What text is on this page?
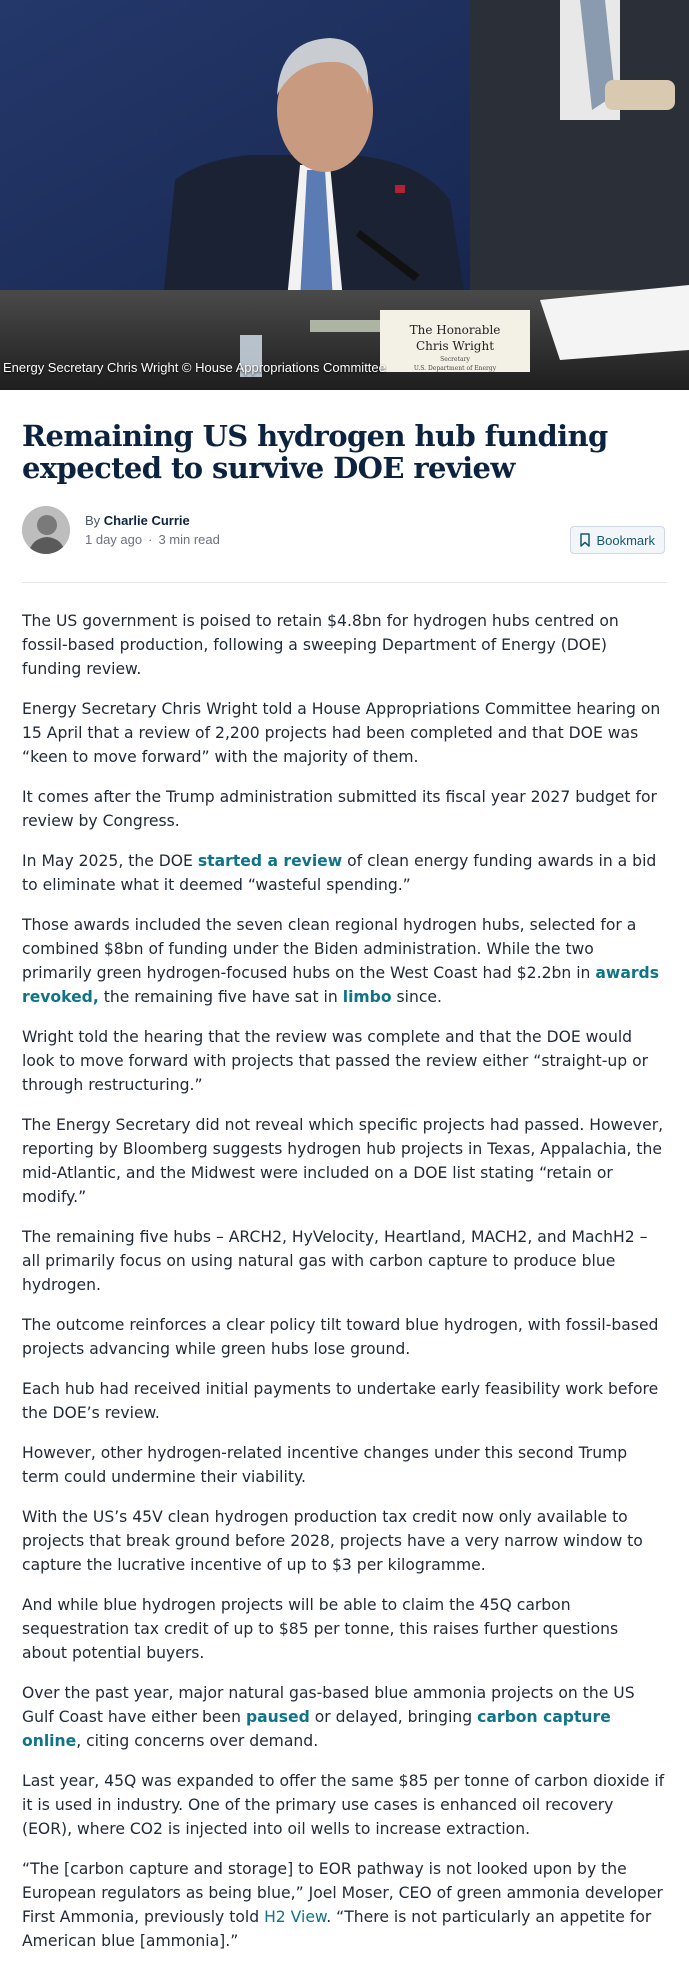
The Honorable
Chris Wright
Secretary
U.S. Department of Energy
Energy Secretary Chris Wright © House Appropriations Committee
Remaining US hydrogen hub funding expected to survive DOE review
By Charlie Currie
1 day ago · 3 min read	Bookmark

The US government is poised to retain $4.8bn for hydrogen hubs centred on fossil-based production, following a sweeping Department of Energy (DOE) funding review.

Energy Secretary Chris Wright told a House Appropriations Committee hearing on 15 April that a review of 2,200 projects had been completed and that DOE was “keen to move forward” with the majority of them.

It comes after the Trump administration submitted its fiscal year 2027 budget for review by Congress.

In May 2025, the DOE started a review of clean energy funding awards in a bid to eliminate what it deemed “wasteful spending.”

Those awards included the seven clean regional hydrogen hubs, selected for a combined $8bn of funding under the Biden administration. While the two primarily green hydrogen-focused hubs on the West Coast had $2.2bn in awards revoked, the remaining five have sat in limbo since.

Wright told the hearing that the review was complete and that the DOE would look to move forward with projects that passed the review either “straight-up or through restructuring.”

The Energy Secretary did not reveal which specific projects had passed. However, reporting by Bloomberg suggests hydrogen hub projects in Texas, Appalachia, the mid-Atlantic, and the Midwest were included on a DOE list stating “retain or modify.”

The remaining five hubs – ARCH2, HyVelocity, Heartland, MACH2, and MachH2 – all primarily focus on using natural gas with carbon capture to produce blue hydrogen.

The outcome reinforces a clear policy tilt toward blue hydrogen, with fossil-based projects advancing while green hubs lose ground.

Each hub had received initial payments to undertake early feasibility work before the DOE’s review.

However, other hydrogen-related incentive changes under this second Trump term could undermine their viability.

With the US’s 45V clean hydrogen production tax credit now only available to projects that break ground before 2028, projects have a very narrow window to capture the lucrative incentive of up to $3 per kilogramme.

And while blue hydrogen projects will be able to claim the 45Q carbon sequestration tax credit of up to $85 per tonne, this raises further questions about potential buyers.

Over the past year, major natural gas-based blue ammonia projects on the US Gulf Coast have either been paused or delayed, bringing carbon capture online, citing concerns over demand.

Last year, 45Q was expanded to offer the same $85 per tonne of carbon dioxide if it is used in industry. One of the primary use cases is enhanced oil recovery (EOR), where CO2 is injected into oil wells to increase extraction.

“The [carbon capture and storage] to EOR pathway is not looked upon by the European regulators as being blue,” Joel Moser, CEO of green ammonia developer First Ammonia, previously told H2 View. “There is not particularly an appetite for American blue [ammonia].”
